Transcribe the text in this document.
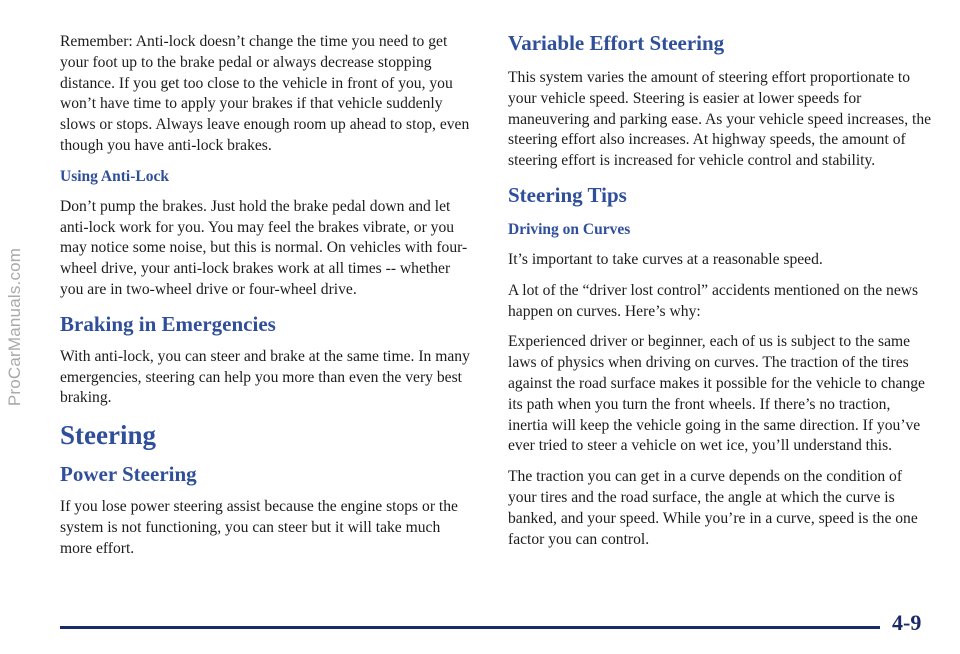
ProCarManuals.com

Remember: Anti-lock doesn’t change the time you need to get your foot up to the brake pedal or always decrease stopping distance. If you get too close to the vehicle in front of you, you won’t have time to apply your brakes if that vehicle suddenly slows or stops. Always leave enough room up ahead to stop, even though you have anti-lock brakes.

Using Anti-Lock

Don’t pump the brakes. Just hold the brake pedal down and let anti-lock work for you. You may feel the brakes vibrate, or you may notice some noise, but this is normal. On vehicles with four-wheel drive, your anti-lock brakes work at all times -- whether you are in two-wheel drive or four-wheel drive.

Braking in Emergencies

With anti-lock, you can steer and brake at the same time. In many emergencies, steering can help you more than even the very best braking.

Steering
Power Steering

If you lose power steering assist because the engine stops or the system is not functioning, you can steer but it will take much more effort.

Variable Effort Steering

This system varies the amount of steering effort proportionate to your vehicle speed. Steering is easier at lower speeds for maneuvering and parking ease. As your vehicle speed increases, the steering effort also increases. At highway speeds, the amount of steering effort is increased for vehicle control and stability.

Steering Tips
Driving on Curves

It’s important to take curves at a reasonable speed.

A lot of the “driver lost control” accidents mentioned on the news happen on curves. Here’s why:

Experienced driver or beginner, each of us is subject to the same laws of physics when driving on curves. The traction of the tires against the road surface makes it possible for the vehicle to change its path when you turn the front wheels. If there’s no traction, inertia will keep the vehicle going in the same direction. If you’ve ever tried to steer a vehicle on wet ice, you’ll understand this.

The traction you can get in a curve depends on the condition of your tires and the road surface, the angle at which the curve is banked, and your speed. While you’re in a curve, speed is the one factor you can control.

4-9
